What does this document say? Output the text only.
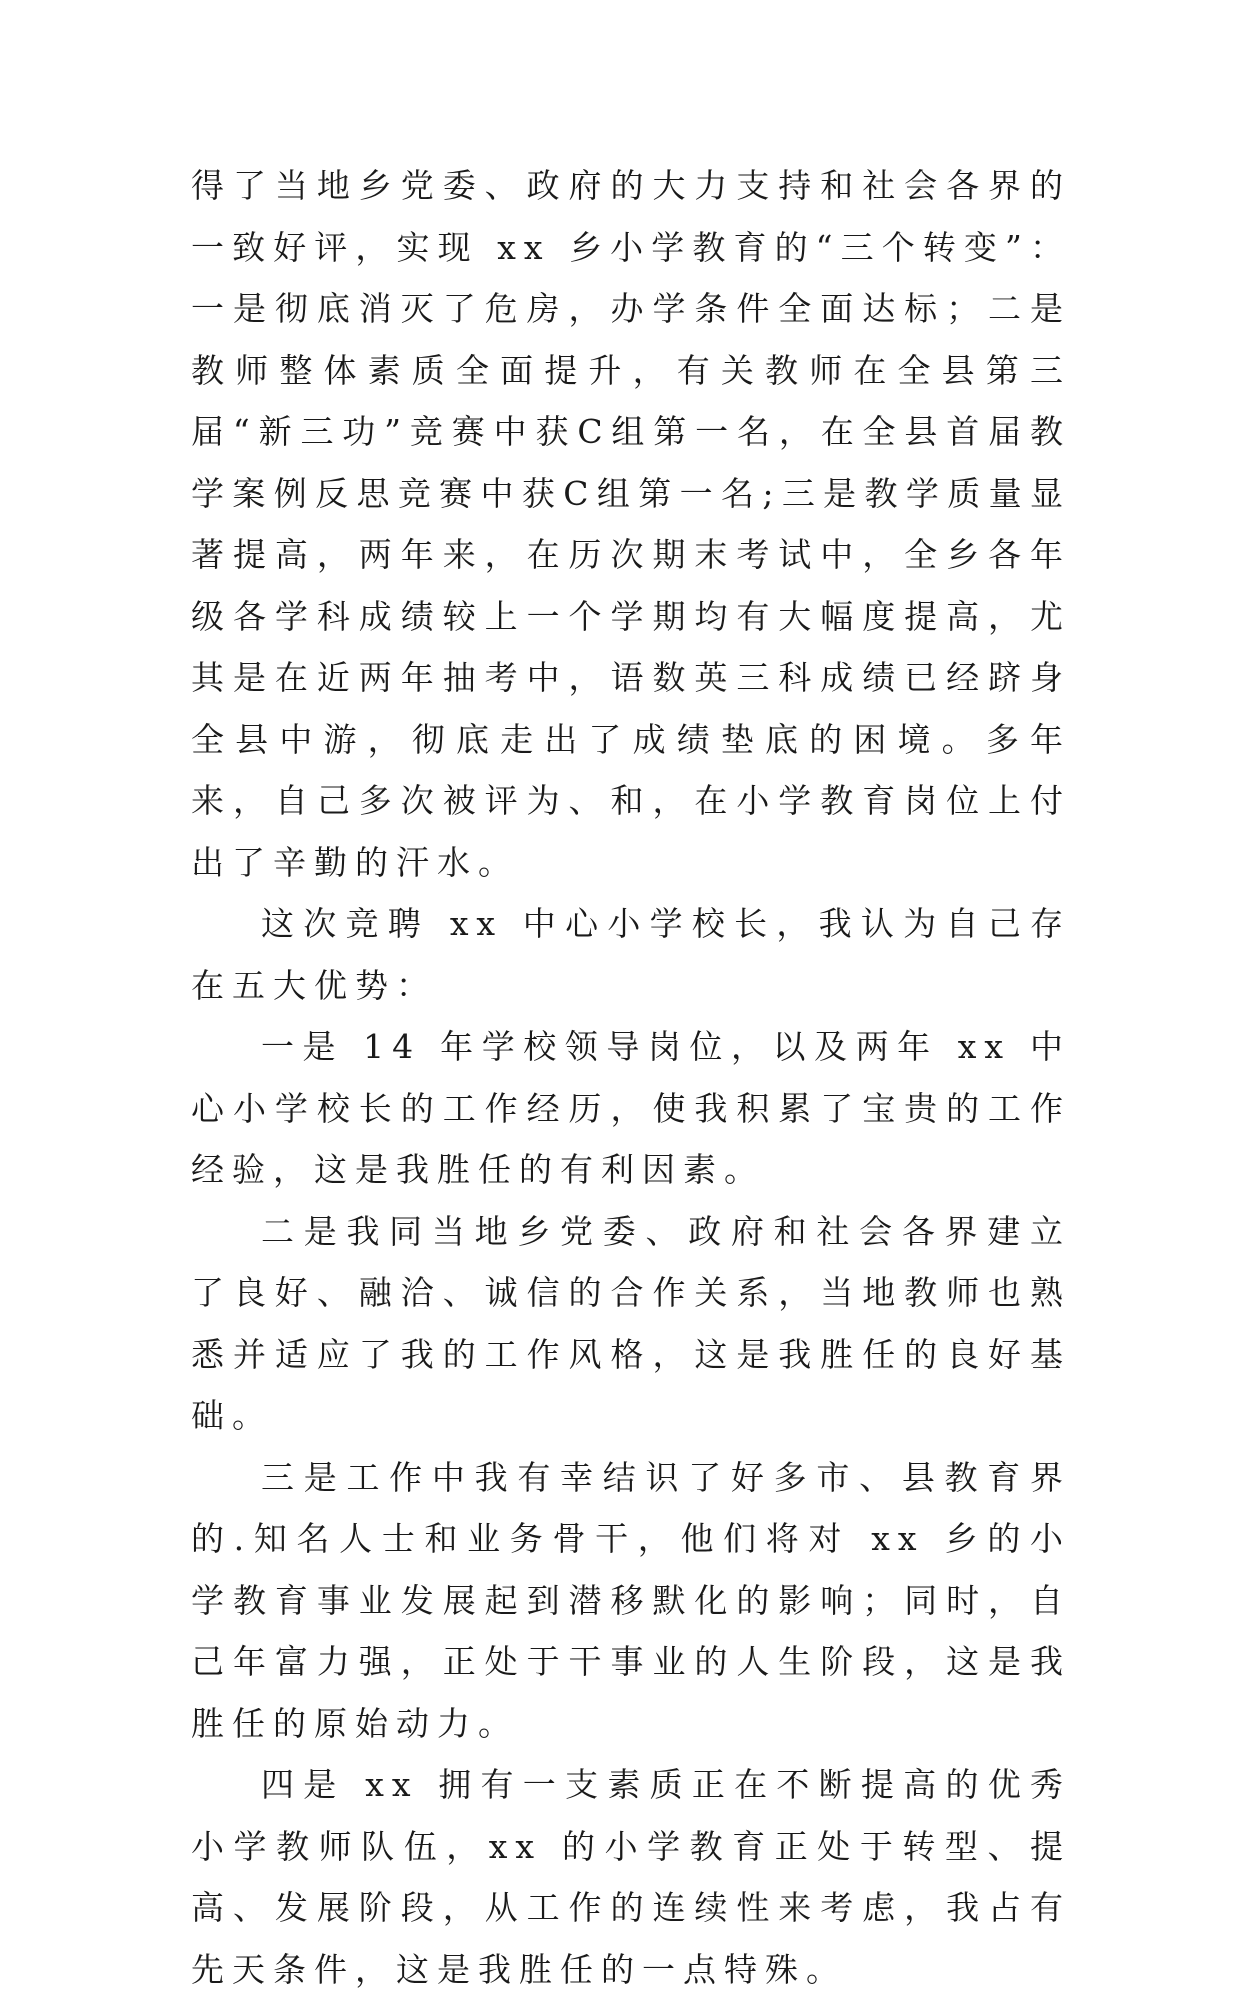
得了当地乡党委、政府的大力支持和社会各界的一致好评，实现 xx 乡小学教育的“三个转变”：一是彻底消灭了危房，办学条件全面达标；二是教师整体素质全面提升，有关教师在全县第三届“新三功”竞赛中获C组第一名，在全县首届教学案例反思竞赛中获C组第一名;三是教学质量显著提高，两年来，在历次期末考试中，全乡各年级各学科成绩较上一个学期均有大幅度提高，尤其是在近两年抽考中，语数英三科成绩已经跻身全县中游，彻底走出了成绩垫底的困境。多年来，自己多次被评为、和，在小学教育岗位上付出了辛勤的汗水。

这次竞聘 xx 中心小学校长，我认为自己存在五大优势：

一是 14 年学校领导岗位，以及两年 xx 中心小学校长的工作经历，使我积累了宝贵的工作经验，这是我胜任的有利因素。

二是我同当地乡党委、政府和社会各界建立了良好、融洽、诚信的合作关系，当地教师也熟悉并适应了我的工作风格，这是我胜任的良好基础。

三是工作中我有幸结识了好多市、县教育界的.知名人士和业务骨干，他们将对 xx 乡的小学教育事业发展起到潜移默化的影响；同时，自己年富力强，正处于干事业的人生阶段，这是我胜任的原始动力。

四是 xx 拥有一支素质正在不断提高的优秀小学教师队伍，xx 的小学教育正处于转型、提高、发展阶段，从工作的连续性来考虑，我占有先天条件，这是我胜任的一点特殊。
